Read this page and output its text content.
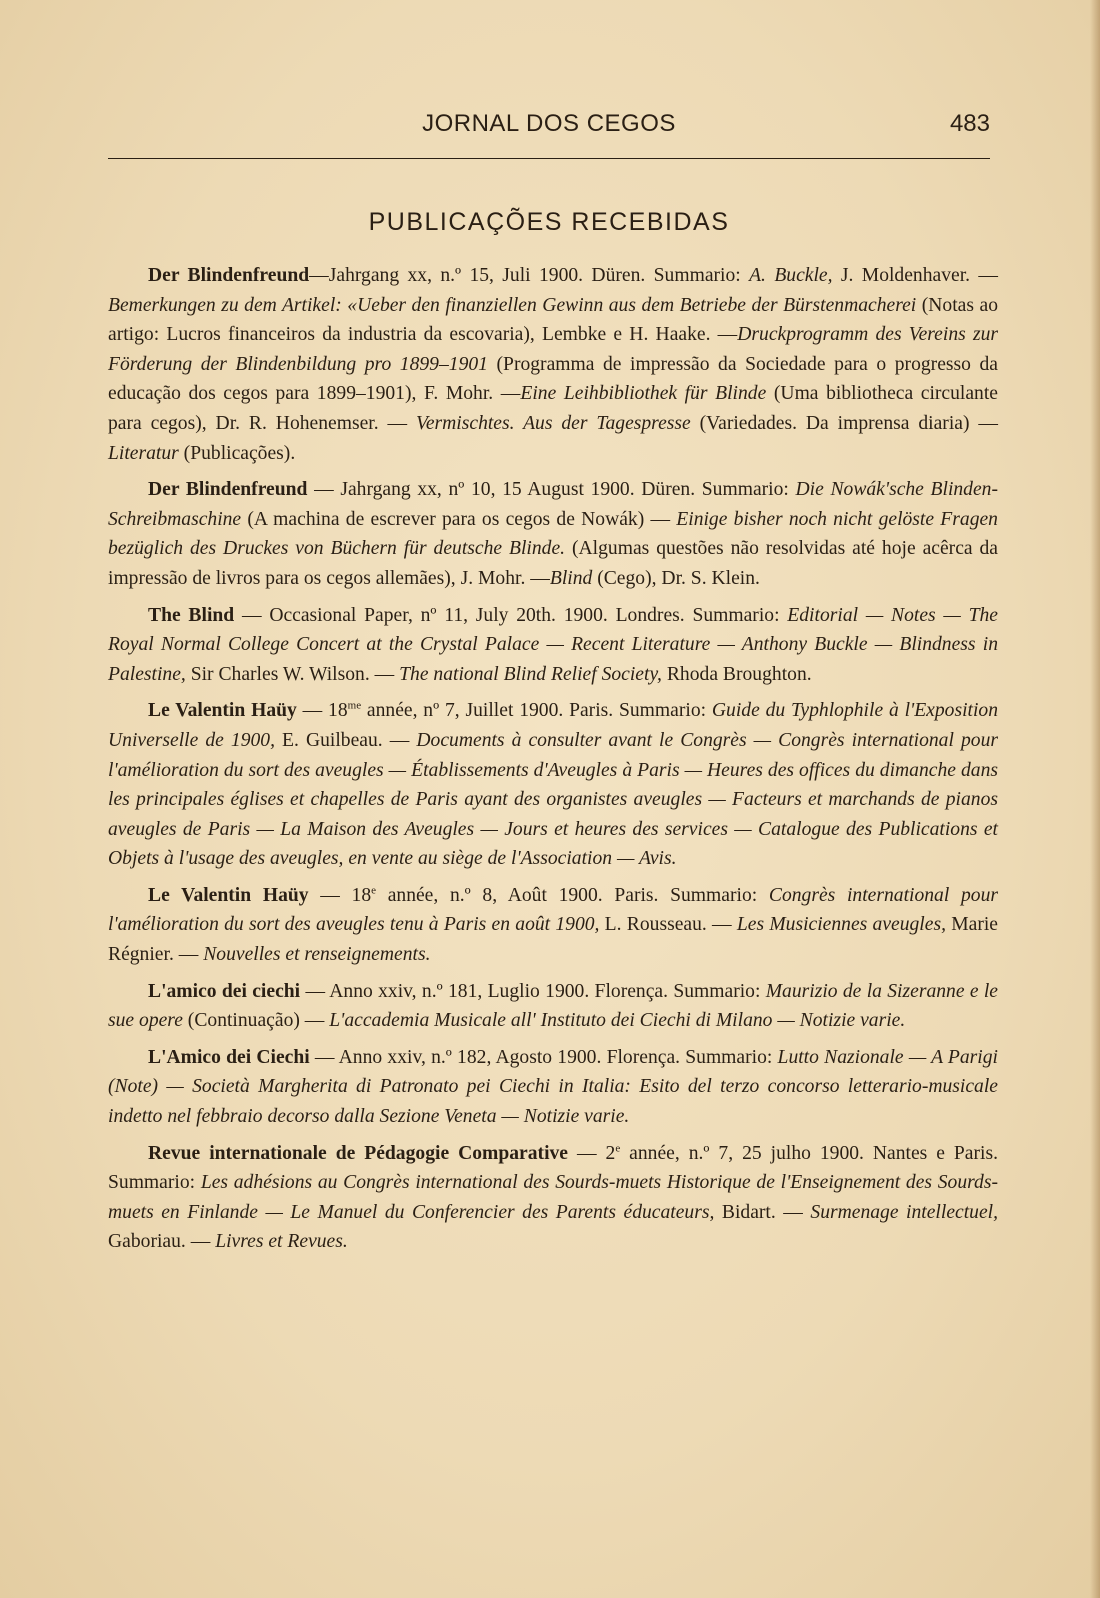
JORNAL DOS CEGOS	483
PUBLICAÇÕES RECEBIDAS

Der Blindenfreund—Jahrgang xx, n.º 15, Juli 1900. Düren. Summario: A. Buckle, J. Moldenhaver. —Bemerkungen zu dem Artikel: «Ueber den finanziellen Gewinn aus dem Betriebe der Bürstenmacherei (Notas ao artigo: Lucros financeiros da industria da escovaria), Lembke e H. Haake. —Druckprogramm des Vereins zur Förderung der Blindenbildung pro 1899–1901 (Programma de impressão da Sociedade para o progresso da educação dos cegos para 1899–1901), F. Mohr. —Eine Leihbibliothek für Blinde (Uma bibliotheca circulante para cegos), Dr. R. Hohenemser. — Vermischtes. Aus der Tagespresse (Variedades. Da imprensa diaria) — Literatur (Publicações).

Der Blindenfreund — Jahrgang xx, nº 10, 15 August 1900. Düren. Summario: Die Nowák'sche Blinden-Schreibmaschine (A machina de escrever para os cegos de Nowák) — Einige bisher noch nicht gelöste Fragen bezüglich des Druckes von Büchern für deutsche Blinde. (Algumas questões não resolvidas até hoje acêrca da impressão de livros para os cegos allemães), J. Mohr. —Blind (Cego), Dr. S. Klein.

The Blind — Occasional Paper, nº 11, July 20th. 1900. Londres. Summario: Editorial — Notes — The Royal Normal College Concert at the Crystal Palace — Recent Literature — Anthony Buckle — Blindness in Palestine, Sir Charles W. Wilson. — The national Blind Relief Society, Rhoda Broughton.

Le Valentin Haüy — $18^{me}$ année, nº 7, Juillet 1900. Paris. Summario: Guide du Typhlophile à l'Exposition Universelle de 1900, E. Guilbeau. — Documents à consulter avant le Congrès — Congrès international pour l'amélioration du sort des aveugles — Établissements d'Aveugles à Paris — Heures des offices du dimanche dans les principales églises et chapelles de Paris ayant des organistes aveugles — Facteurs et marchands de pianos aveugles de Paris — La Maison des Aveugles — Jours et heures des services — Catalogue des Publications et Objets à l'usage des aveugles, en vente au siège de l'Association — Avis.

Le Valentin Haüy — 18e année, n.º 8, Août 1900. Paris. Summario: Congrès international pour l'amélioration du sort des aveugles tenu à Paris en août 1900, L. Rousseau. — Les Musiciennes aveugles, Marie Régnier. — Nouvelles et renseignements.

L'amico dei ciechi — Anno xxiv, n.º 181, Luglio 1900. Florença. Summario: Maurizio de la Sizeranne e le sue opere (Continuação) — L'accademia Musicale all' Instituto dei Ciechi di Milano — Notizie varie.

L'Amico dei Ciechi — Anno xxiv, n.º 182, Agosto 1900. Florença. Summario: Lutto Nazionale — A Parigi (Note) — Società Margherita di Patronato pei Ciechi in Italia: Esito del terzo concorso letterario-musicale indetto nel febbraio decorso dalla Sezione Veneta — Notizie varie.

Revue internationale de Pédagogie Comparative — 2e année, n.º 7, 25 julho 1900. Nantes e Paris. Summario: Les adhésions au Congrès international des Sourds-muets Historique de l'Enseignement des Sourds-muets en Finlande — Le Manuel du Conferencier des Parents éducateurs, Bidart. — Surmenage intellectuel, Gaboriau. — Livres et Revues.
